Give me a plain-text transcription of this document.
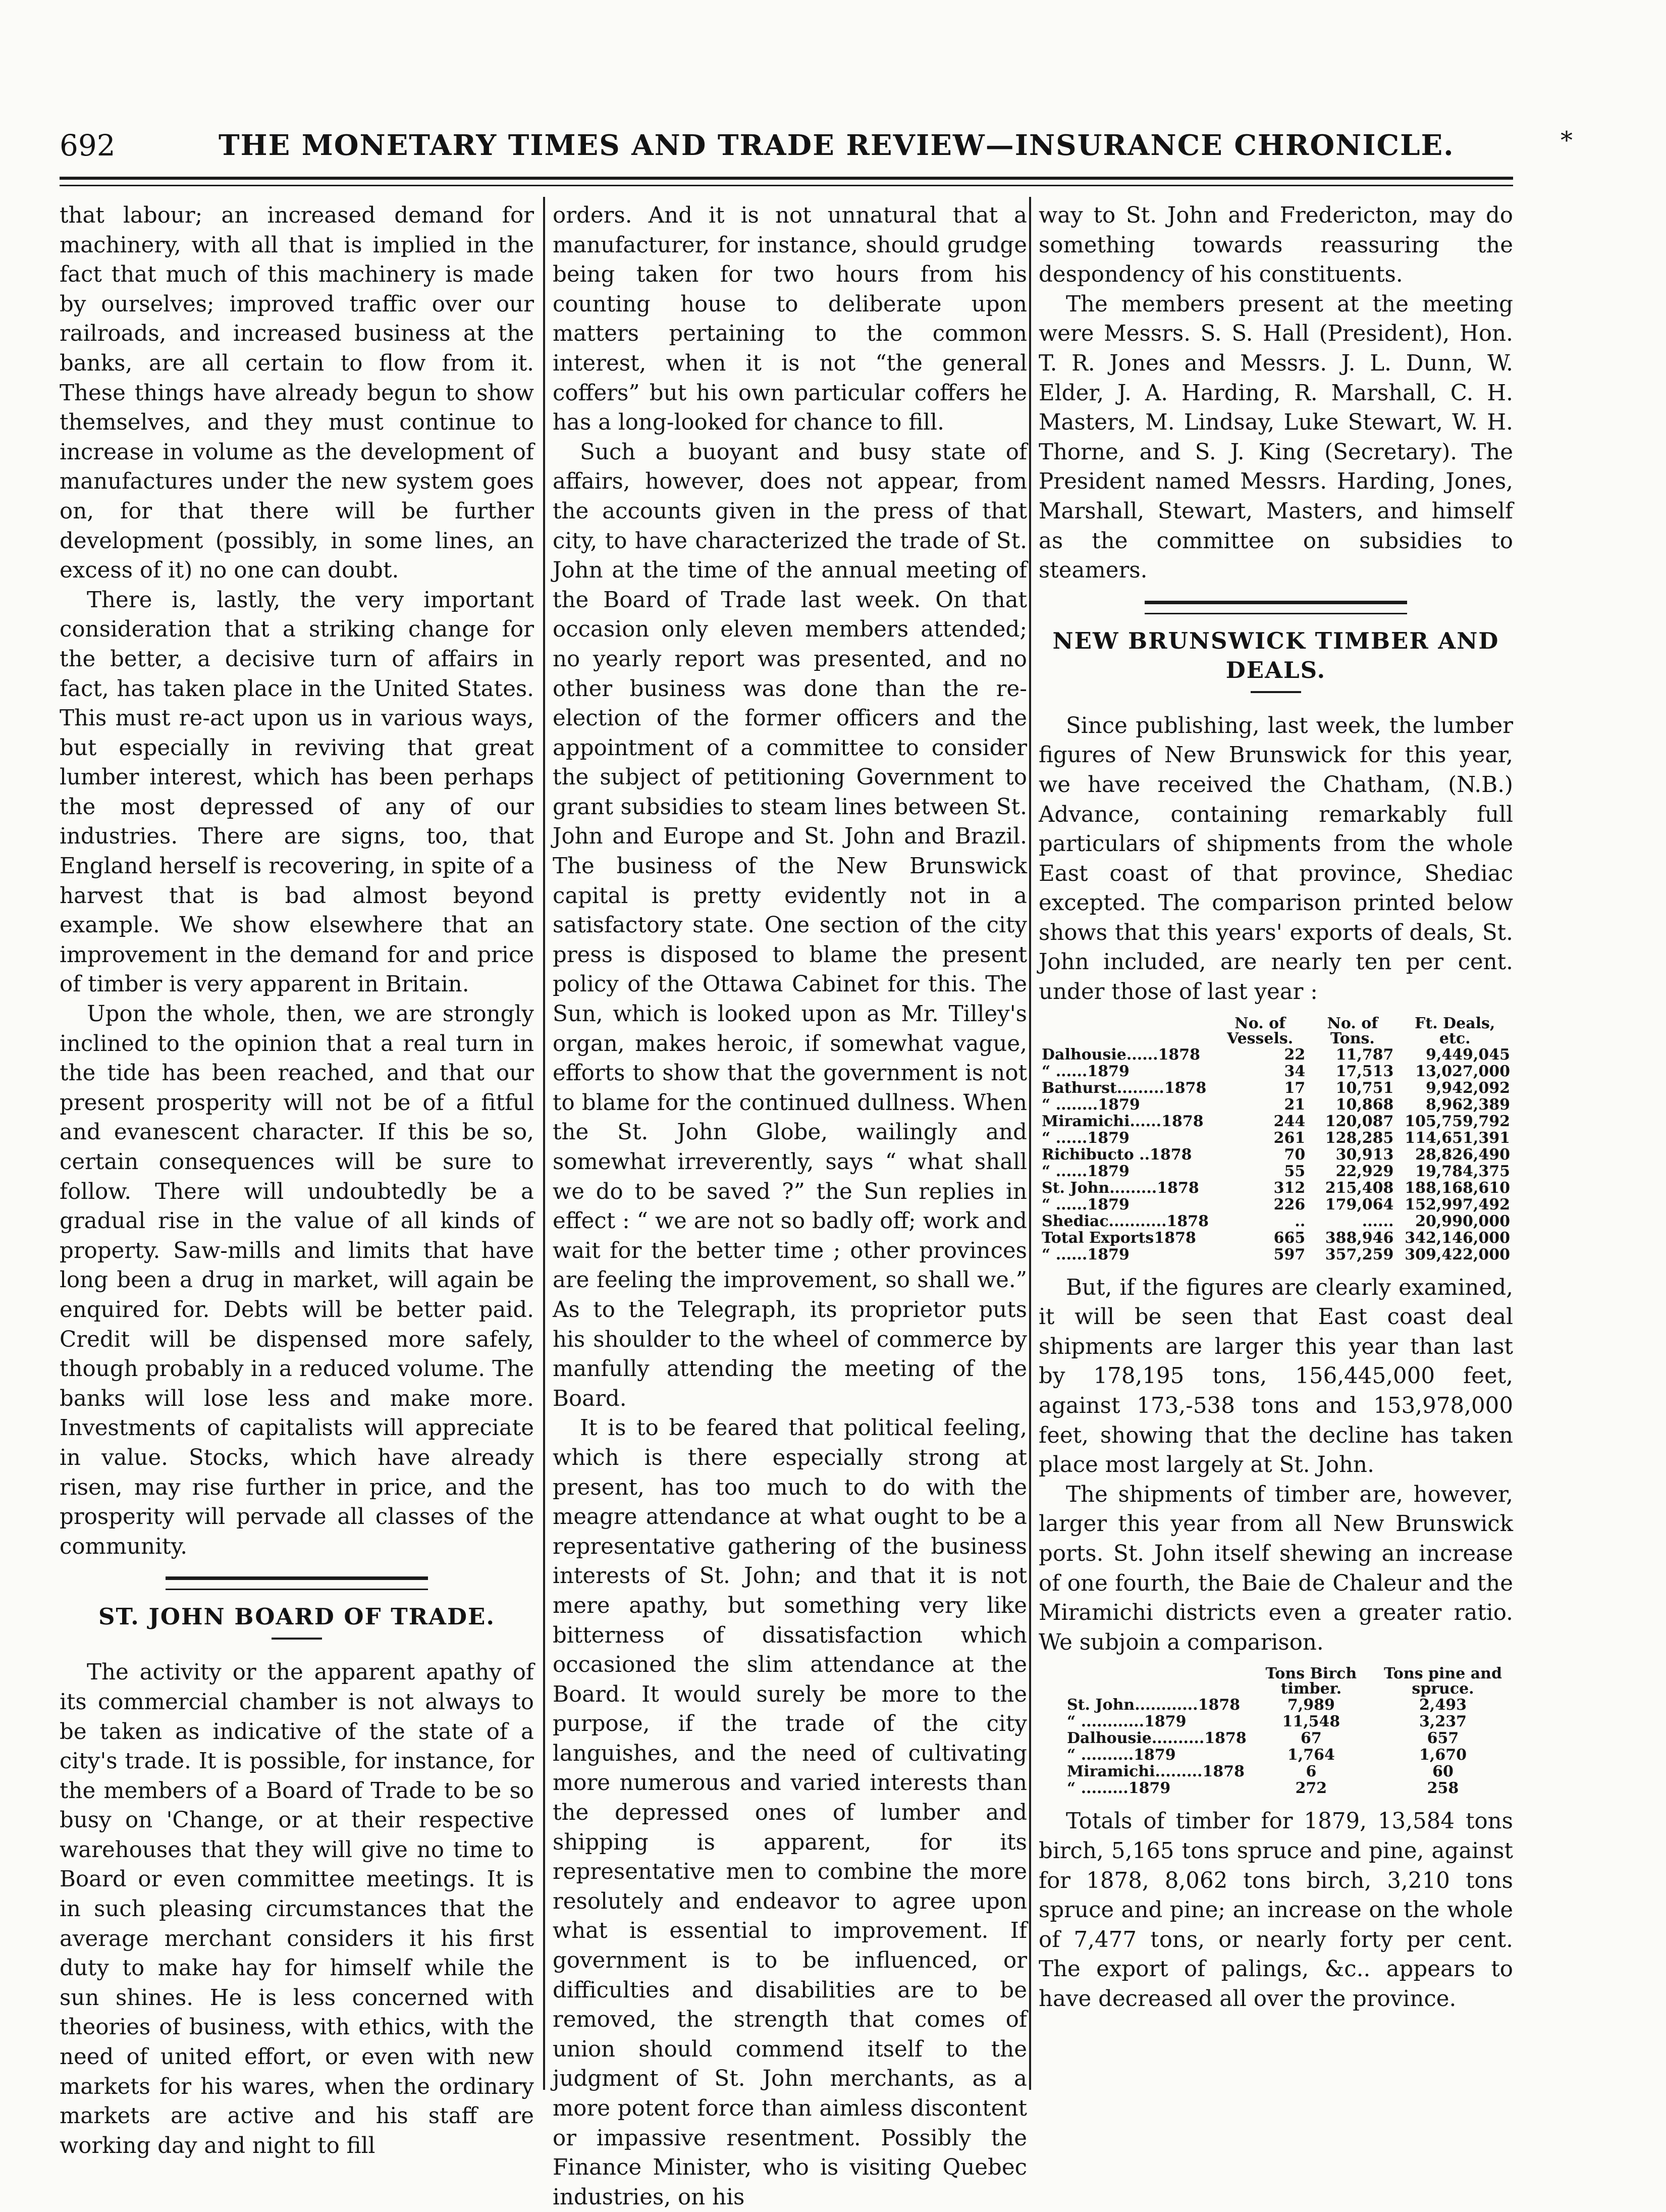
692	THE MONETARY TIMES AND TRADE REVIEW—INSURANCE CHRONICLE.	*

that labour; an increased demand for machinery, with all that is implied in the fact that much of this machinery is made by ourselves; improved traffic over our railroads, and increased business at the banks, are all certain to flow from it. These things have already begun to show themselves, and they must continue to increase in volume as the development of manufactures under the new system goes on, for that there will be further development (possibly, in some lines, an excess of it) no one can doubt.

There is, lastly, the very important consideration that a striking change for the better, a decisive turn of affairs in fact, has taken place in the United States. This must re-act upon us in various ways, but especially in reviving that great lumber interest, which has been perhaps the most depressed of any of our industries. There are signs, too, that England herself is recovering, in spite of a harvest that is bad almost beyond example. We show elsewhere that an improvement in the demand for and price of timber is very apparent in Britain.

Upon the whole, then, we are strongly inclined to the opinion that a real turn in the tide has been reached, and that our present prosperity will not be of a fitful and evanescent character. If this be so, certain consequences will be sure to follow. There will undoubtedly be a gradual rise in the value of all kinds of property. Saw-mills and limits that have long been a drug in market, will again be enquired for. Debts will be better paid. Credit will be dispensed more safely, though probably in a reduced volume. The banks will lose less and make more. Investments of capitalists will appreciate in value. Stocks, which have already risen, may rise further in price, and the prosperity will pervade all classes of the community.

ST. JOHN BOARD OF TRADE.

The activity or the apparent apathy of its commercial chamber is not always to be taken as indicative of the state of a city's trade. It is possible, for instance, for the members of a Board of Trade to be so busy on 'Change, or at their respective warehouses that they will give no time to Board or even committee meetings. It is in such pleasing circumstances that the average merchant considers it his first duty to make hay for himself while the sun shines. He is less concerned with theories of business, with ethics, with the need of united effort, or even with new markets for his wares, when the ordinary markets are active and his staff are working day and night to fill

orders. And it is not unnatural that a manufacturer, for instance, should grudge being taken for two hours from his counting house to deliberate upon matters pertaining to the common interest, when it is not “the general coffers” but his own particular coffers he has a long-looked for chance to fill.

Such a buoyant and busy state of affairs, however, does not appear, from the accounts given in the press of that city, to have characterized the trade of St. John at the time of the annual meeting of the Board of Trade last week. On that occasion only eleven members attended; no yearly report was presented, and no other business was done than the re-election of the former officers and the appointment of a committee to consider the subject of petitioning Government to grant subsidies to steam lines between St. John and Europe and St. John and Brazil. The business of the New Brunswick capital is pretty evidently not in a satisfactory state. One section of the city press is disposed to blame the present policy of the Ottawa Cabinet for this. The Sun, which is looked upon as Mr. Tilley's organ, makes heroic, if somewhat vague, efforts to show that the government is not to blame for the continued dullness. When the St. John Globe, wailingly and somewhat irreverently, says “ what shall we do to be saved ?” the Sun replies in effect : “ we are not so badly off; work and wait for the better time ; other provinces are feeling the improvement, so shall we.” As to the Telegraph, its proprietor puts his shoulder to the wheel of commerce by manfully attending the meeting of the Board.

It is to be feared that political feeling, which is there especially strong at present, has too much to do with the meagre attendance at what ought to be a representative gathering of the business interests of St. John; and that it is not mere apathy, but something very like bitterness of dissatisfaction which occasioned the slim attendance at the Board. It would surely be more to the purpose, if the trade of the city languishes, and the need of cultivating more numerous and varied interests than the depressed ones of lumber and shipping is apparent, for its representative men to combine the more resolutely and endeavor to agree upon what is essential to improvement. If government is to be influenced, or difficulties and disabilities are to be removed, the strength that comes of union should commend itself to the judgment of St. John merchants, as a more potent force than aimless discontent or impassive resentment. Possibly the Finance Minister, who is visiting Quebec industries, on his

way to St. John and Fredericton, may do something towards reassuring the despondency of his constituents.

The members present at the meeting were Messrs. S. S. Hall (President), Hon. T. R. Jones and Messrs. J. L. Dunn, W. Elder, J. A. Harding, R. Marshall, C. H. Masters, M. Lindsay, Luke Stewart, W. H. Thorne, and S. J. King (Secretary). The President named Messrs. Harding, Jones, Marshall, Stewart, Masters, and himself as the committee on subsidies to steamers.

NEW BRUNSWICK TIMBER AND DEALS.

Since publishing, last week, the lumber figures of New Brunswick for this year, we have received the Chatham, (N.B.) Advance, containing remarkably full particulars of shipments from the whole East coast of that province, Shediac excepted. The comparison printed below shows that this years' exports of deals, St. John included, are nearly ten per cent. under those of last year :

	No. of Vessels.	No. of Tons.	Ft. Deals, etc.
Dalhousie......1878	22	11,787	9,449,045
“ ......1879	34	17,513	13,027,000
Bathurst.........1878	17	10,751	9,942,092
“ ........1879	21	10,868	8,962,389
Miramichi......1878	244	120,087	105,759,792
“ ......1879	261	128,285	114,651,391
Richibucto ..1878	70	30,913	28,826,490
“ ......1879	55	22,929	19,784,375
St. John.........1878	312	215,408	188,168,610
“ ......1879	226	179,064	152,997,492
Shediac...........1878	..	......	20,990,000
Total Exports1878	665	388,946	342,146,000
“ ......1879	597	357,259	309,422,000

But, if the figures are clearly examined, it will be seen that East coast deal shipments are larger this year than last by 178,195 tons, 156,445,000 feet, against 173,-538 tons and 153,978,000 feet, showing that the decline has taken place most largely at St. John.

The shipments of timber are, however, larger this year from all New Brunswick ports. St. John itself shewing an increase of one fourth, the Baie de Chaleur and the Miramichi districts even a greater ratio. We subjoin a comparison.

	Tons Birch timber.	Tons pine and spruce.
St. John............1878	7,989	2,493
“ ............1879	11,548	3,237
Dalhousie..........1878	67	657
“ ..........1879	1,764	1,670
Miramichi.........1878	6	60
“ .........1879	272	258

Totals of timber for 1879, 13,584 tons birch, 5,165 tons spruce and pine, against for 1878, 8,062 tons birch, 3,210 tons spruce and pine; an increase on the whole of 7,477 tons, or nearly forty per cent. The export of palings, &c.. appears to have decreased all over the province.
